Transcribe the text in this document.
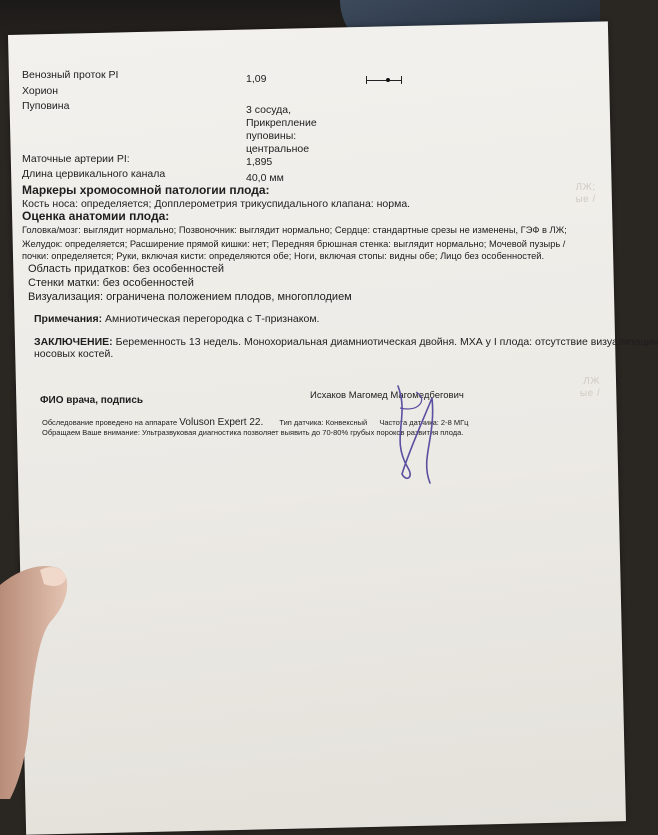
ЛЖ;
ые /
ЛЖ
ые /
Венозный проток PI	1,09
Хорион
Пуповина	3 сосуда,
Прикрепление
пуповины:
центральное
Маточные артерии PI:	1,895
Длина цервикального канала	40,0 мм
Маркеры хромосомной патологии плода:
Кость носа: определяется; Допплерометрия трикуспидального клапана: норма.
Оценка анатомии плода:
Головка/мозг: выглядит нормально; Позвоночник: выглядит нормально; Сердце: стандартные срезы не изменены, ГЭФ в ЛЖ;
Желудок: определяется; Расширение прямой кишки: нет; Передняя брюшная стенка: выглядит нормально; Мочевой пузырь /
почки: определяется; Руки, включая кисти: определяются обе; Ноги, включая стопы: видны обе; Лицо без особенностей.
Область придатков: без особенностей
Стенки матки: без особенностей
Визуализация: ограничена положением плодов, многоплодием
Примечания: Амниотическая перегородка с Т-признаком.
ЗАКЛЮЧЕНИЕ: Беременность 13 недель. Монохориальная диамниотическая двойня. МХА у I плода: отсутствие визуализации
носовых костей.
ФИО врача, подпись	Исхаков Магомед Магомедбегович
Обследование проведено на аппарате Voluson Expert 22. Тип датчика: Конвексный Частота датчика: 2-8 МГц
Обращаем Ваше внимание: Ультразвуковая диагностика позволяет выявить до 70-80% грубых пороков развития плода.
